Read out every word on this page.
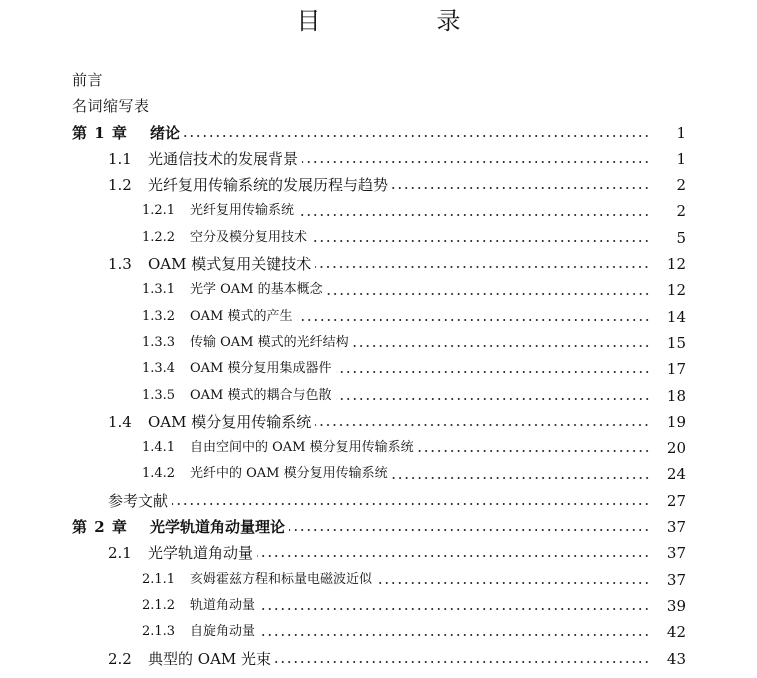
目　录
前言
名词缩写表
第 1 章	绪论	1
1.1	光通信技术的发展背景	1
1.2	光纤复用传输系统的发展历程与趋势	2
1.2.1	光纤复用传输系统	2
1.2.2	空分及模分复用技术	5
1.3	OAM 模式复用关键技术	12
1.3.1	光学 OAM 的基本概念	12
1.3.2	OAM 模式的产生	14
1.3.3	传输 OAM 模式的光纤结构	15
1.3.4	OAM 模分复用集成器件	17
1.3.5	OAM 模式的耦合与色散	18
1.4	OAM 模分复用传输系统	19
1.4.1	自由空间中的 OAM 模分复用传输系统	20
1.4.2	光纤中的 OAM 模分复用传输系统	24
参考文献	27
第 2 章	光学轨道角动量理论	37
2.1	光学轨道角动量	37
2.1.1	亥姆霍兹方程和标量电磁波近似	37
2.1.2	轨道角动量	39
2.1.3	自旋角动量	42
2.2	典型的 OAM 光束	43
